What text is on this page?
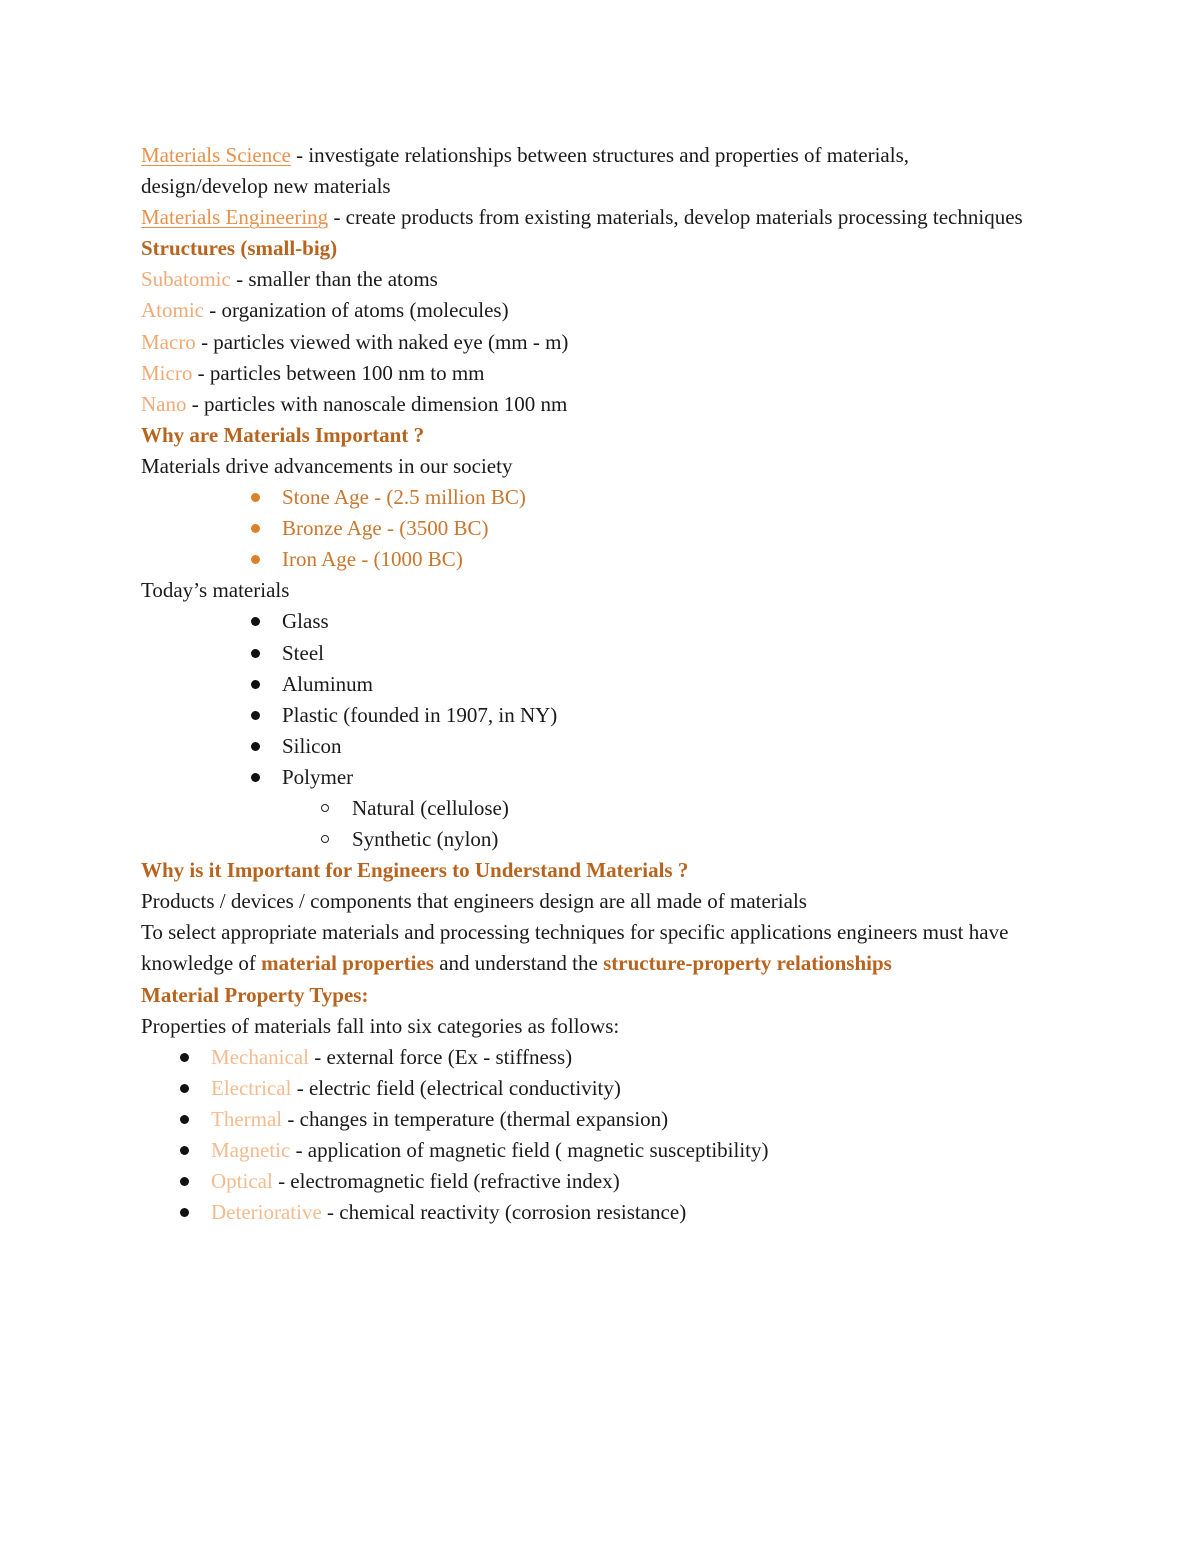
Materials Science - investigate relationships between structures and properties of materials, design/develop new materials
Materials Engineering - create products from existing materials, develop materials processing techniques
Structures (small-big)
Subatomic - smaller than the atoms
Atomic - organization of atoms (molecules)
Macro - particles viewed with naked eye (mm - m)
Micro - particles between 100 nm to mm
Nano - particles with nanoscale dimension 100 nm
Why are Materials Important ?
Materials drive advancements in our society
Stone Age - (2.5 million BC)
Bronze Age - (3500 BC)
Iron Age - (1000 BC)
Today’s materials
Glass
Steel
Aluminum
Plastic (founded in 1907, in NY)
Silicon
Polymer
Natural (cellulose)
Synthetic (nylon)
Why is it Important for Engineers to Understand Materials ?
Products / devices / components that engineers design are all made of materials
To select appropriate materials and processing techniques for specific applications engineers must have knowledge of material properties and understand the structure-property relationships
Material Property Types:
Properties of materials fall into six categories as follows:
Mechanical - external force (Ex - stiffness)
Electrical - electric field (electrical conductivity)
Thermal - changes in temperature (thermal expansion)
Magnetic - application of magnetic field ( magnetic susceptibility)
Optical - electromagnetic field (refractive index)
Deteriorative - chemical reactivity (corrosion resistance)
